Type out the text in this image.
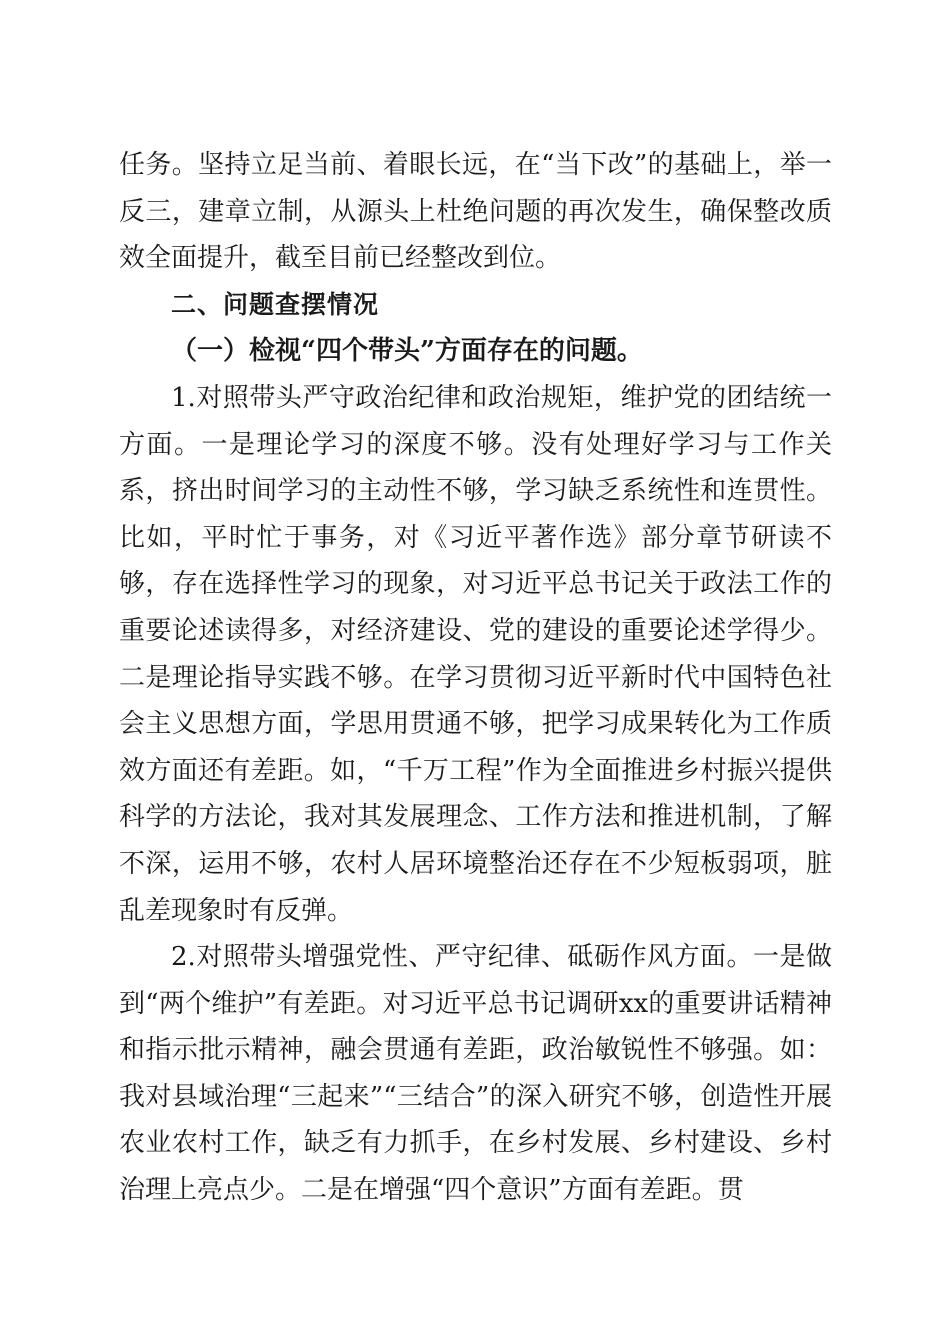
任务。坚持立足当前、着眼长远，在“当下改”的基础上，举一反三，建章立制，从源头上杜绝问题的再次发生，确保整改质效全面提升，截至目前已经整改到位。

二、问题查摆情况

（一）检视“四个带头”方面存在的问题。

1.对照带头严守政治纪律和政治规矩，维护党的团结统一方面。一是理论学习的深度不够。没有处理好学习与工作关系，挤出时间学习的主动性不够，学习缺乏系统性和连贯性。比如，平时忙于事务，对《习近平著作选》部分章节研读不够，存在选择性学习的现象，对习近平总书记关于政法工作的重要论述读得多，对经济建设、党的建设的重要论述学得少。二是理论指导实践不够。在学习贯彻习近平新时代中国特色社会主义思想方面，学思用贯通不够，把学习成果转化为工作质效方面还有差距。如，“千万工程”作为全面推进乡村振兴提供科学的方法论，我对其发展理念、工作方法和推进机制，了解不深，运用不够，农村人居环境整治还存在不少短板弱项，脏乱差现象时有反弹。

2.对照带头增强党性、严守纪律、砥砺作风方面。一是做到“两个维护”有差距。对习近平总书记调研xx的重要讲话精神和指示批示精神，融会贯通有差距，政治敏锐性不够强。如：我对县域治理“三起来”“三结合”的深入研究不够，创造性开展农业农村工作，缺乏有力抓手，在乡村发展、乡村建设、乡村治理上亮点少。二是在增强“四个意识”方面有差距。贯
